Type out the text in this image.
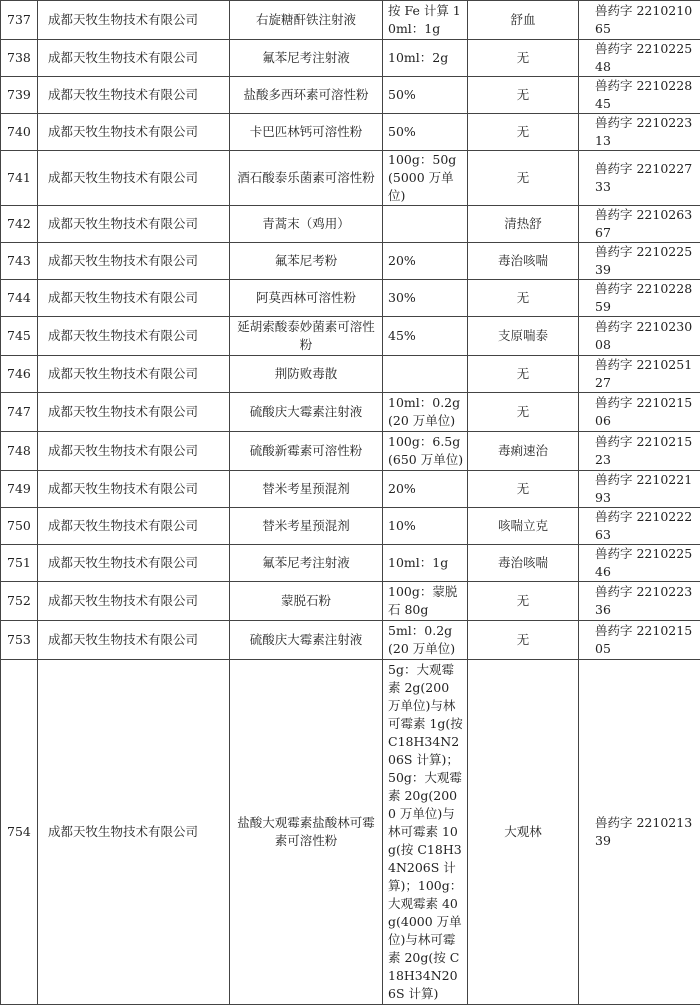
737	成都天牧生物技术有限公司	右旋糖酐铁注射液	按 Fe 计算 10ml：1g	舒血	兽药字 221021065
738	成都天牧生物技术有限公司	氟苯尼考注射液	10ml：2g	无	兽药字 221022548
739	成都天牧生物技术有限公司	盐酸多西环素可溶性粉	50%	无	兽药字 221022845
740	成都天牧生物技术有限公司	卡巴匹林钙可溶性粉	50%	无	兽药字 221022313
741	成都天牧生物技术有限公司	酒石酸泰乐菌素可溶性粉	100g：50g(5000 万单位)	无	兽药字 221022733
742	成都天牧生物技术有限公司	青蒿末（鸡用）		清热舒	兽药字 221026367
743	成都天牧生物技术有限公司	氟苯尼考粉	20%	毒治咳喘	兽药字 221022539
744	成都天牧生物技术有限公司	阿莫西林可溶性粉	30%	无	兽药字 221022859
745	成都天牧生物技术有限公司	延胡索酸泰妙菌素可溶性粉	45%	支原喘泰	兽药字 221023008
746	成都天牧生物技术有限公司	荆防败毒散		无	兽药字 221025127
747	成都天牧生物技术有限公司	硫酸庆大霉素注射液	10ml：0.2g(20 万单位)	无	兽药字 221021506
748	成都天牧生物技术有限公司	硫酸新霉素可溶性粉	100g：6.5g(650 万单位)	毒痢速治	兽药字 221021523
749	成都天牧生物技术有限公司	替米考星预混剂	20%	无	兽药字 221022193
750	成都天牧生物技术有限公司	替米考星预混剂	10%	咳喘立克	兽药字 221022263
751	成都天牧生物技术有限公司	氟苯尼考注射液	10ml：1g	毒治咳喘	兽药字 221022546
752	成都天牧生物技术有限公司	蒙脱石粉	100g：蒙脱石 80g	无	兽药字 221022336
753	成都天牧生物技术有限公司	硫酸庆大霉素注射液	5ml：0.2g(20 万单位)	无	兽药字 221021505
754	成都天牧生物技术有限公司	盐酸大观霉素盐酸林可霉素可溶性粉	5g：大观霉素 2g(200 万单位)与林可霉素 1g(按 C18H34N206S 计算)；50g：大观霉素 20g(2000 万单位)与林可霉素 10g(按 C18H34N206S 计算)；100g：大观霉素 40g(4000 万单位)与林可霉素 20g(按 C18H34N206S 计算)	大观林	兽药字 221021339
